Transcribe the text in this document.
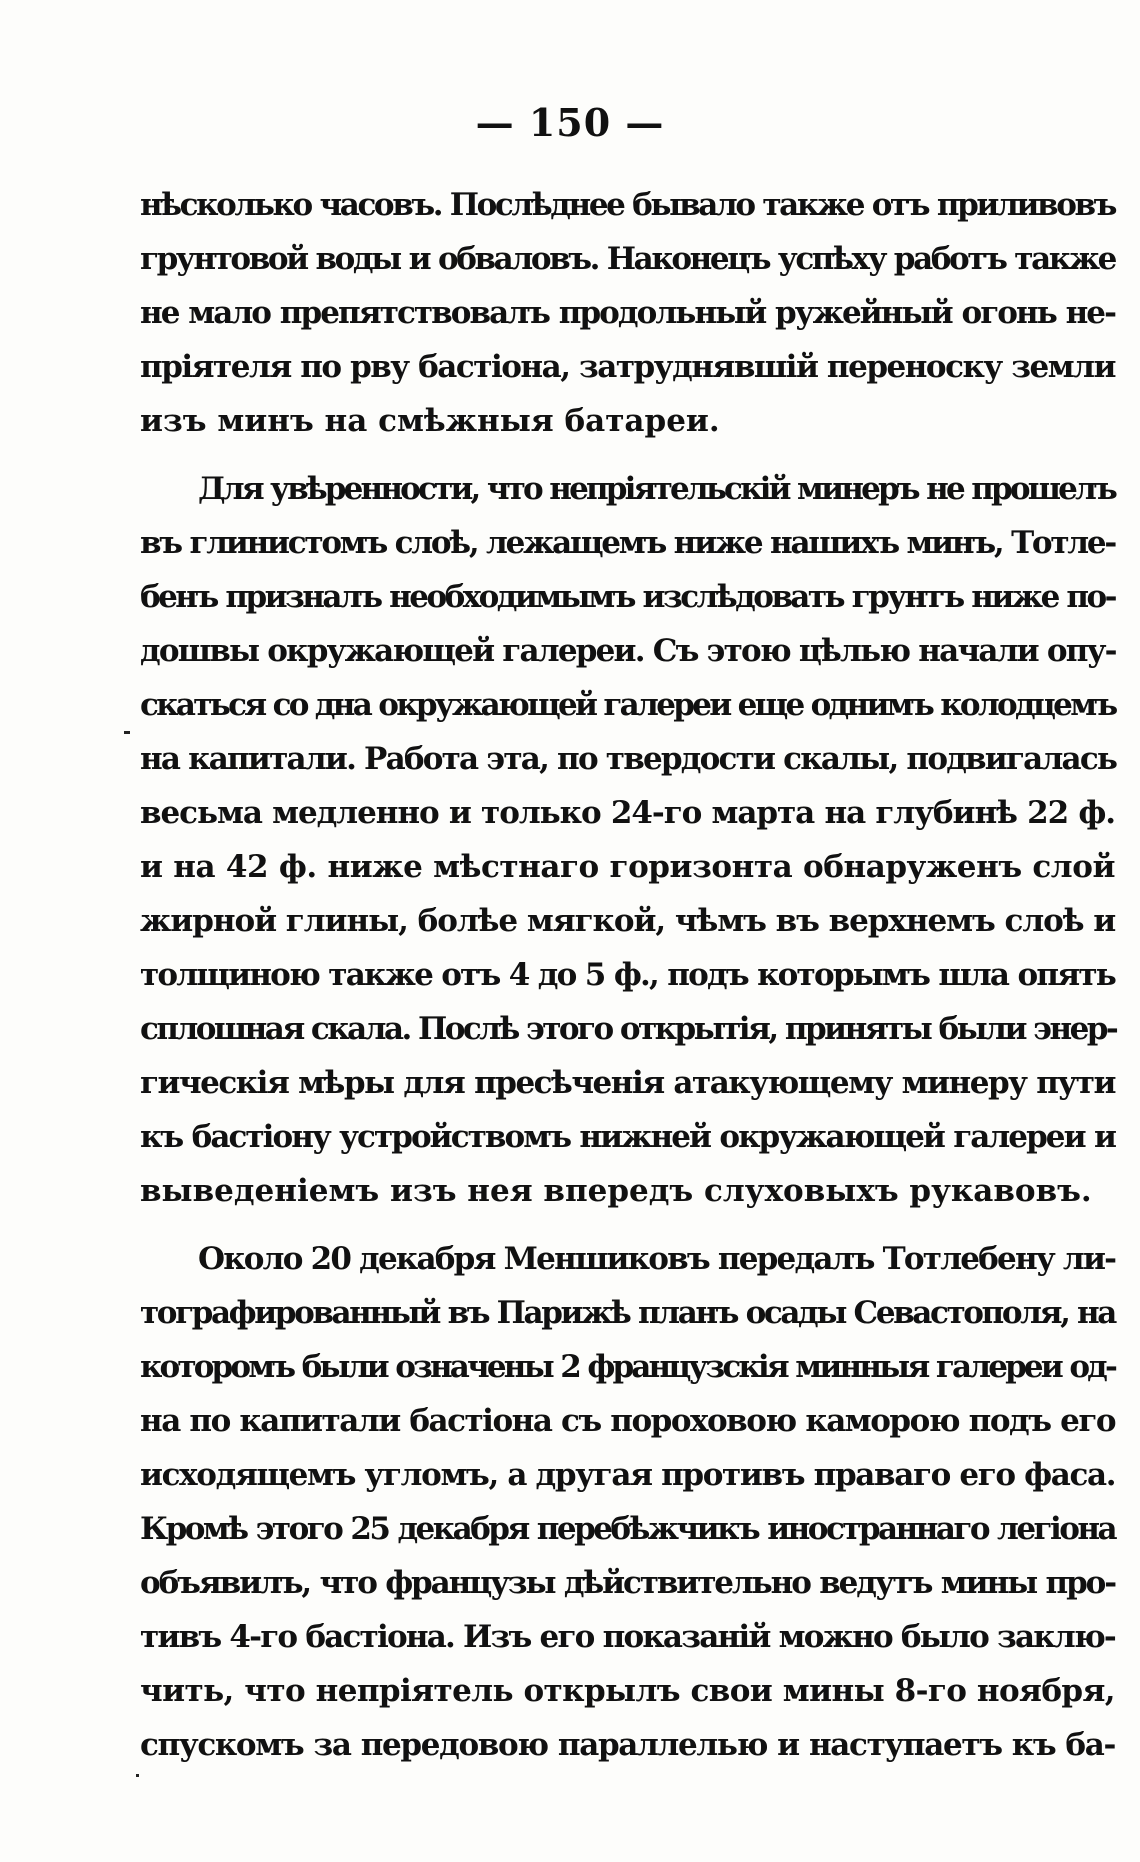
— 150 —
нѣсколько часовъ. Послѣднее бывало также отъ приливовъ
грунтовой воды и обваловъ. Наконецъ успѣху работъ также
не мало препятствовалъ продольный ружейный огонь не-
пріятеля по рву бастіона, затруднявшій переноску земли
изъ минъ на смѣжныя батареи.
Для увѣренности, что непріятельскій минеръ не прошелъ
въ глинистомъ слоѣ, лежащемъ ниже нашихъ минъ, Тотле-
бенъ призналъ необходимымъ изслѣдовать грунтъ ниже по-
дошвы окружающей галереи. Съ этою цѣлью начали опу-
скаться со дна окружающей галереи еще однимъ колодцемъ
на капитали. Работа эта, по твердости скалы, подвигалась
весьма медленно и только 24-го марта на глубинѣ 22 ф.
и на 42 ф. ниже мѣстнаго горизонта обнаруженъ слой
жирной глины, болѣе мягкой, чѣмъ въ верхнемъ слоѣ и
толщиною также отъ 4 до 5 ф., подъ которымъ шла опять
сплошная скала. Послѣ этого открытія, приняты были энер-
гическія мѣры для пресѣченія атакующему минеру пути
къ бастіону устройствомъ нижней окружающей галереи и
выведеніемъ изъ нея впередъ слуховыхъ рукавовъ.
Около 20 декабря Меншиковъ передалъ Тотлебену ли-
тографированный въ Парижѣ планъ осады Севастополя, на
которомъ были означены 2 французскія минныя галереи од-
на по капитали бастіона съ пороховою каморою подъ его
исходящемъ угломъ, а другая противъ праваго его фаса.
Кромѣ этого 25 декабря перебѣжчикъ иностраннаго легіона
объявилъ, что французы дѣйствительно ведутъ мины про-
тивъ 4-го бастіона. Изъ его показаній можно было заклю-
чить, что непріятель открылъ свои мины 8-го ноября,
спускомъ за передовою параллелью и наступаетъ къ ба-
